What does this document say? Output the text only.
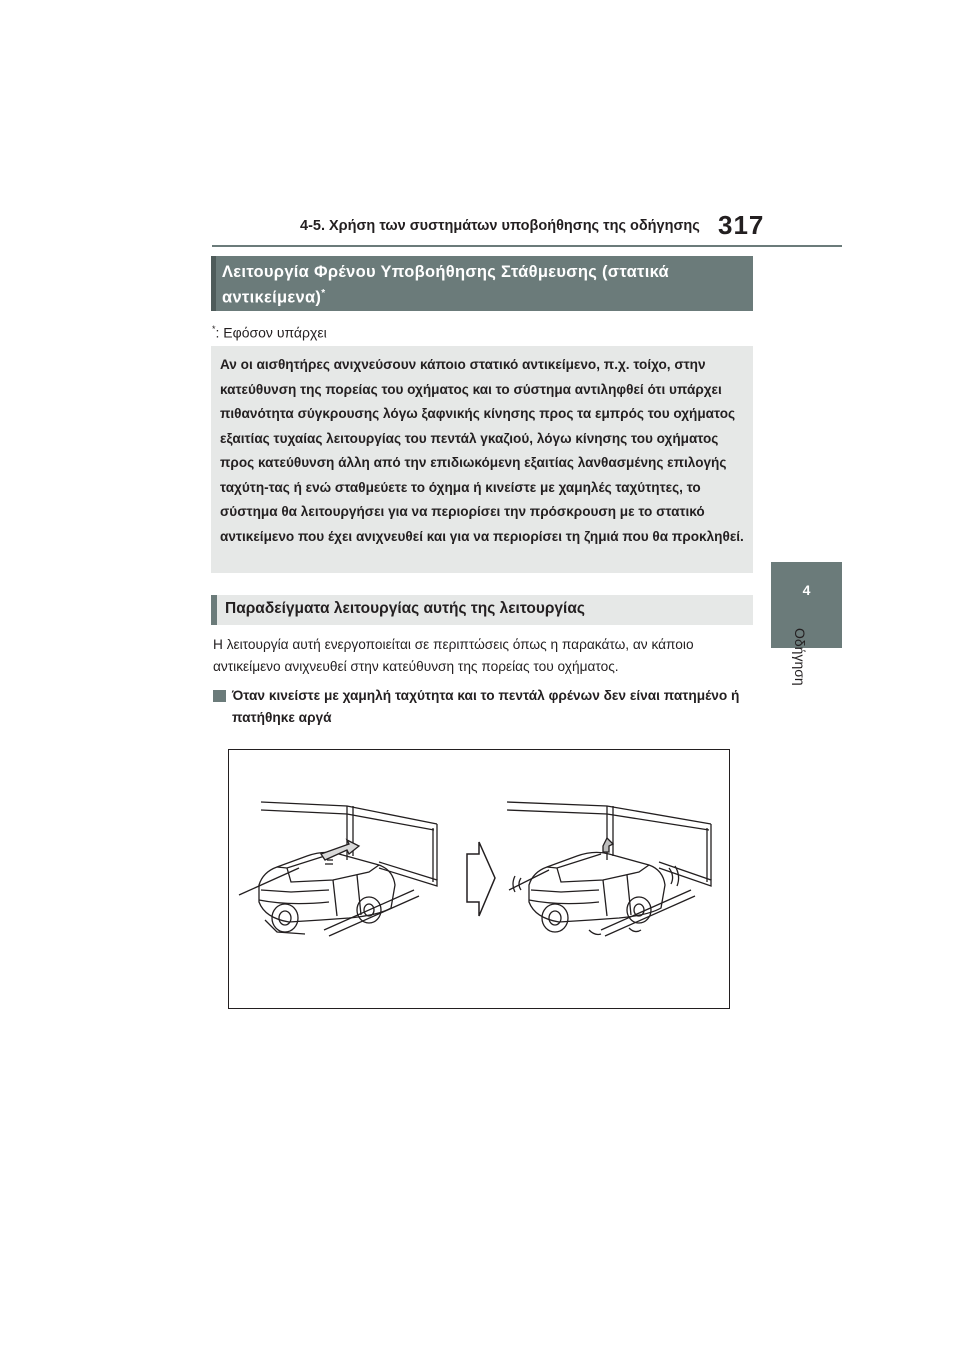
4-5. Χρήση των συστημάτων υποβοήθησης της οδήγησης 317
4
Οδήγηση
Λειτουργία Φρένου Υποβοήθησης Στάθμευσης (στατικά αντικείμενα)*
*: Εφόσον υπάρχει
Αν οι αισθητήρες ανιχνεύσουν κάποιο στατικό αντικείμενο, π.χ. τοίχο, στην κατεύθυνση της πορείας του οχήματος και το σύστημα αντιληφθεί ότι υπάρχει πιθανότητα σύγκρουσης λόγω ξαφνικής κίνησης προς τα εμπρός του οχήματος εξαιτίας τυχαίας λειτουργίας του πεντάλ γκαζιού, λόγω κίνησης του οχήματος προς κατεύθυνση άλλη από την επιδιωκόμενη εξαιτίας λανθασμένης επιλογής ταχύτη-τας ή ενώ σταθμεύετε το όχημα ή κινείστε με χαμηλές ταχύτητες, το σύστημα θα λειτουργήσει για να περιορίσει την πρόσκρουση με το στατικό αντικείμενο που έχει ανιχνευθεί και για να περιορίσει τη ζημιά που θα προκληθεί.
Παραδείγματα λειτουργίας αυτής της λειτουργίας
Η λειτουργία αυτή ενεργοποιείται σε περιπτώσεις όπως η παρακάτω, αν κάποιο αντικείμενο ανιχνευθεί στην κατεύθυνση της πορείας του οχήματος.
Όταν κινείστε με χαμηλή ταχύτητα και το πεντάλ φρένων δεν είναι πατημένο ή πατήθηκε αργά
